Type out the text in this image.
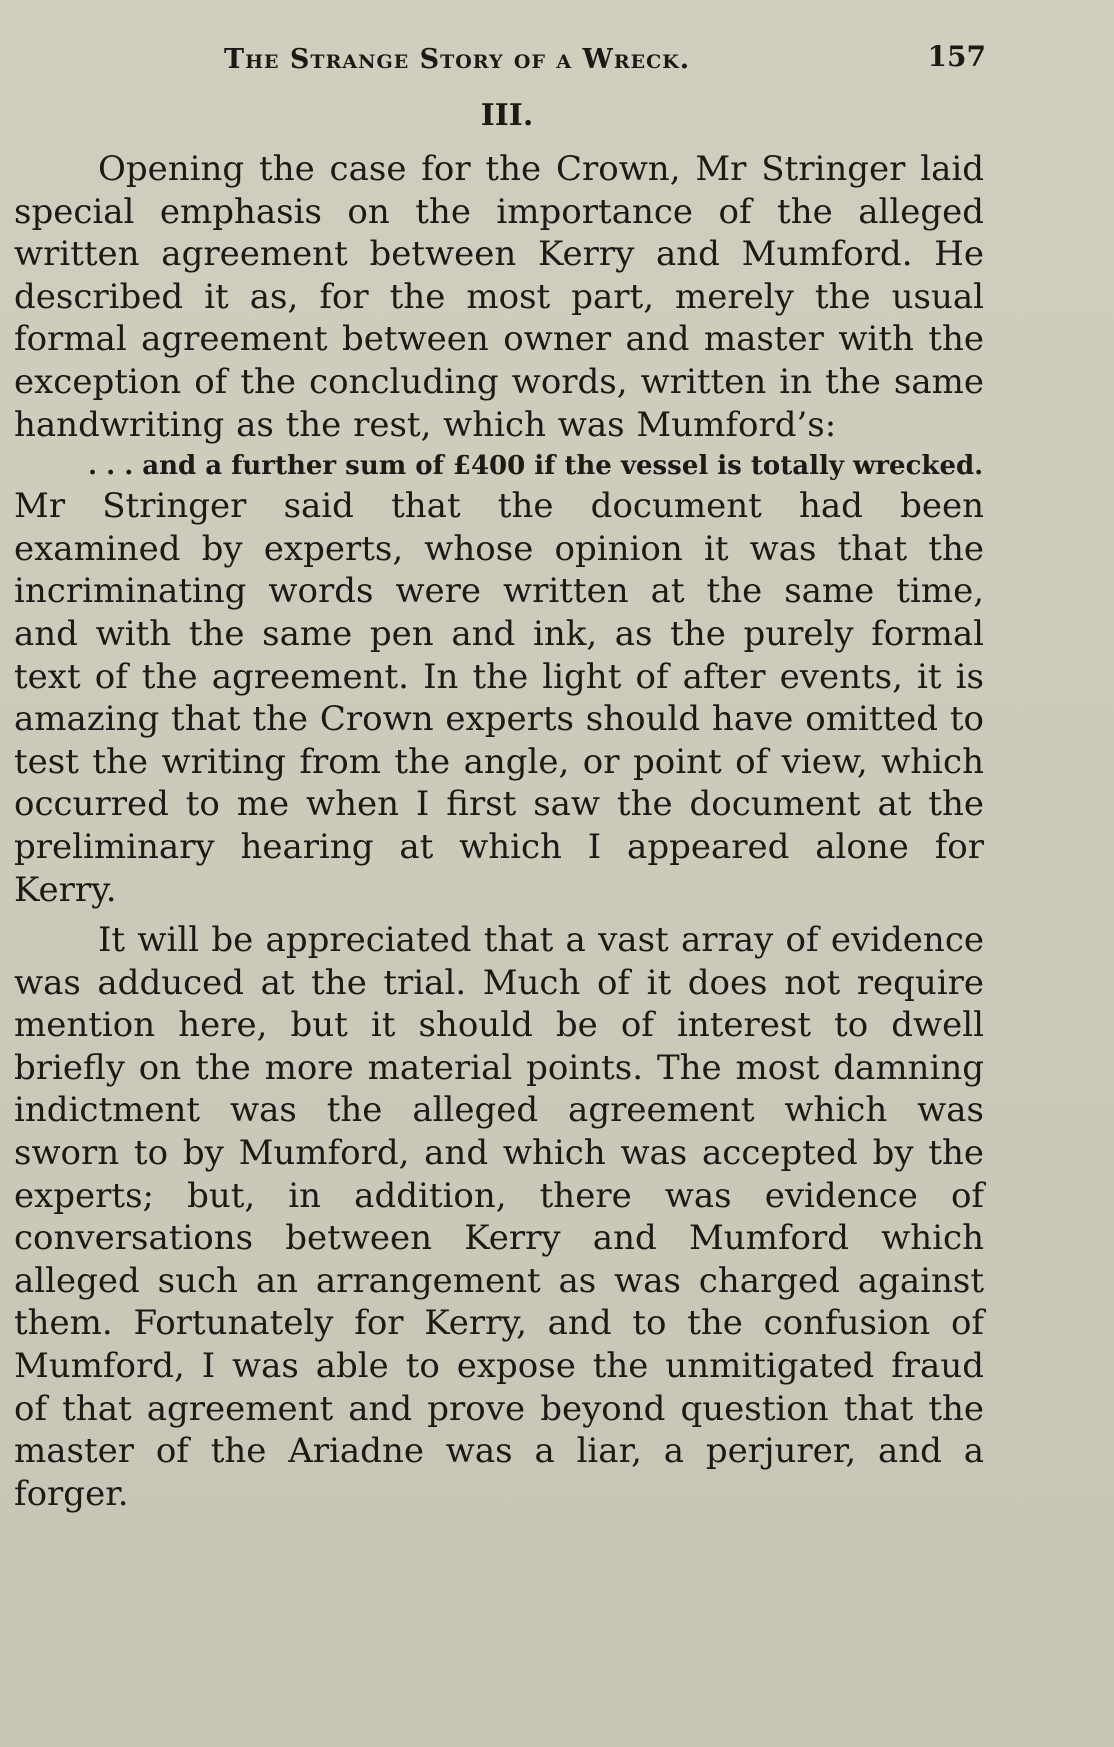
The Strange Story of a Wreck.	157
III.

Opening the case for the Crown, Mr Stringer laid special emphasis on the importance of the alleged written agreement between Kerry and Mumford. He described it as, for the most part, merely the usual formal agreement between owner and master with the exception of the concluding words, written in the same handwriting as the rest, which was Mumford’s:

. . . and a further sum of £400 if the vessel is totally wrecked.

Mr Stringer said that the document had been examined by experts, whose opinion it was that the incriminating words were written at the same time, and with the same pen and ink, as the purely formal text of the agreement. In the light of after events, it is amazing that the Crown experts should have omitted to test the writing from the angle, or point of view, which occurred to me when I first saw the document at the preliminary hearing at which I appeared alone for Kerry.

It will be appreciated that a vast array of evidence was adduced at the trial. Much of it does not require mention here, but it should be of interest to dwell briefly on the more material points. The most damning indictment was the alleged agreement which was sworn to by Mumford, and which was accepted by the experts; but, in addition, there was evidence of conversations between Kerry and Mumford which alleged such an arrangement as was charged against them. Fortunately for Kerry, and to the confusion of Mumford, I was able to expose the unmitigated fraud of that agreement and prove beyond question that the master of the Ariadne was a liar, a perjurer, and a forger.
